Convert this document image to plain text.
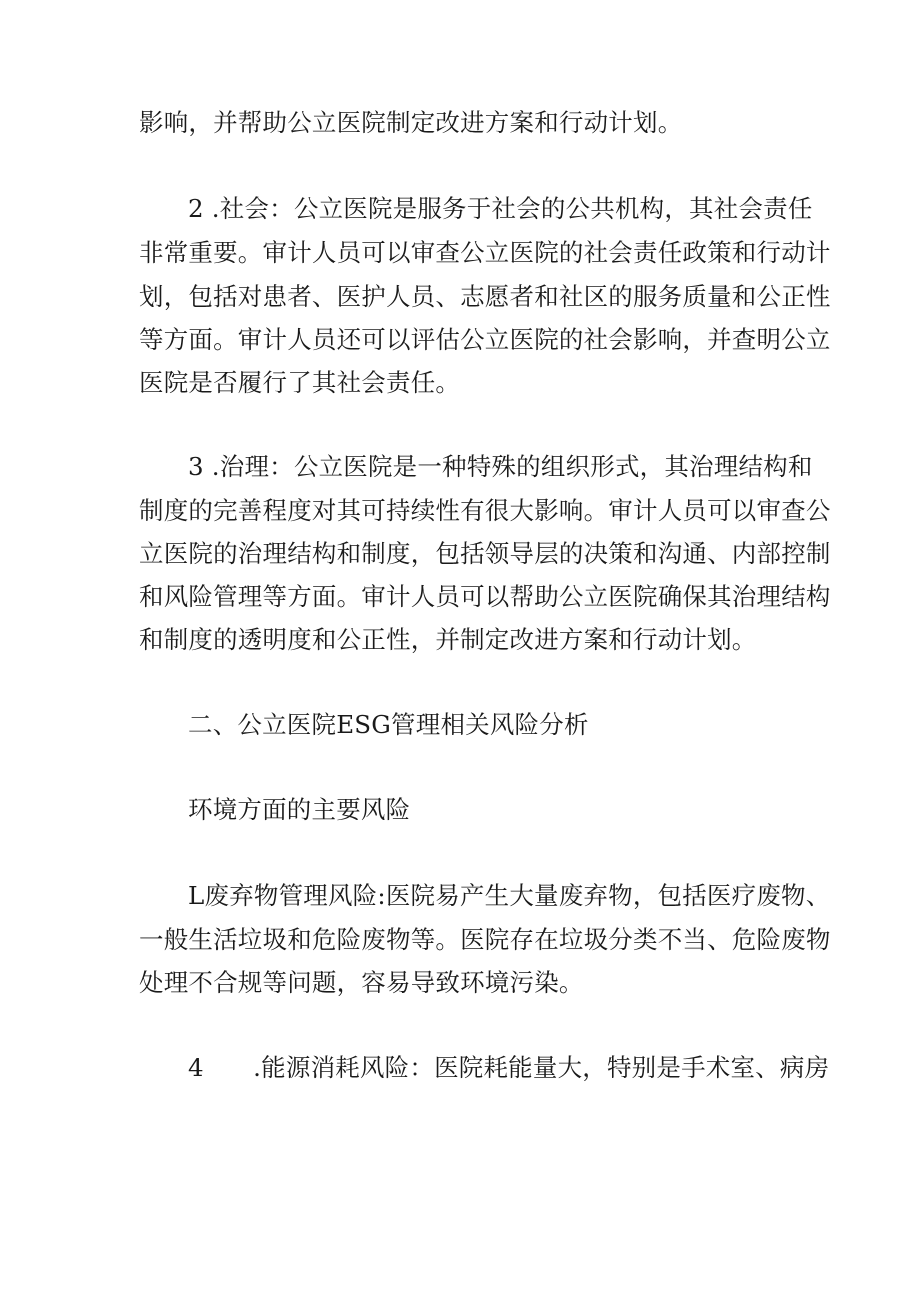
影响，并帮助公立医院制定改进方案和行动计划。
2 .社会：公立医院是服务于社会的公共机构，其社会责任
非常重要。审计人员可以审查公立医院的社会责任政策和行动计
划，包括对患者、医护人员、志愿者和社区的服务质量和公正性
等方面。审计人员还可以评估公立医院的社会影响，并查明公立
医院是否履行了其社会责任。
3 .治理：公立医院是一种特殊的组织形式，其治理结构和
制度的完善程度对其可持续性有很大影响。审计人员可以审查公
立医院的治理结构和制度，包括领导层的决策和沟通、内部控制
和风险管理等方面。审计人员可以帮助公立医院确保其治理结构
和制度的透明度和公正性，并制定改进方案和行动计划。
二、公立医院ESG管理相关风险分析
环境方面的主要风险
L废弃物管理风险:医院易产生大量废弃物，包括医疗废物、
一般生活垃圾和危险废物等。医院存在垃圾分类不当、危险废物
处理不合规等问题，容易导致环境污染。
4　　.能源消耗风险：医院耗能量大，特别是手术室、病房
